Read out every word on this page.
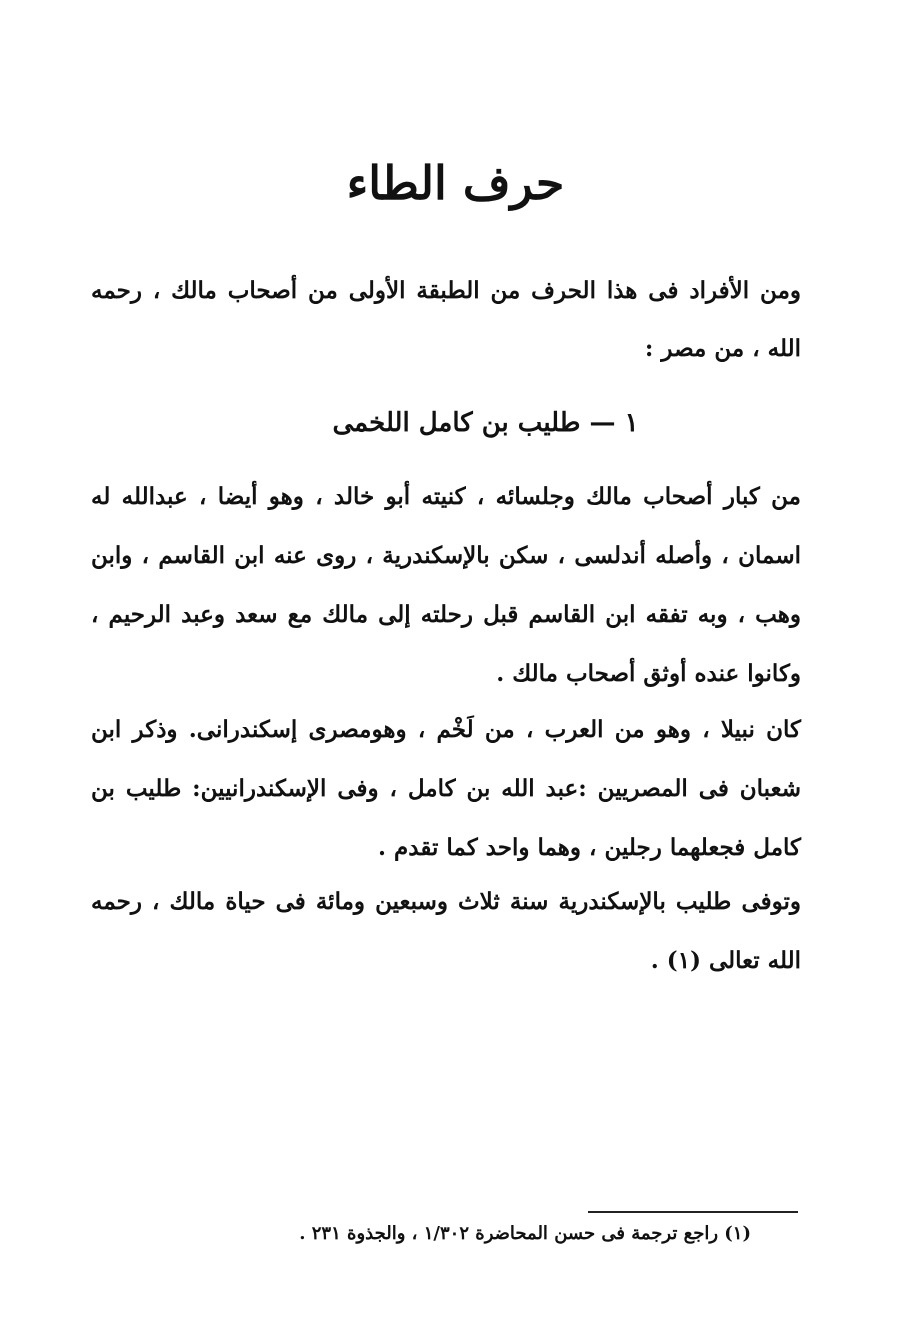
حرف الطاء

ومن الأفراد فى هذا الحرف من الطبقة الأولى من أصحاب مالك ، رحمه الله ، من مصر :

١ — طليب بن كامل اللخمى

من كبار أصحاب مالك وجلسائه ، كنيته أبو خالد ، وهو أيضا ، عبدالله له اسمان ، وأصله أندلسى ، سكن بالإسكندرية ، روى عنه ابن القاسم ، وابن وهب ، وبه تفقه ابن القاسم قبل رحلته إلى مالك مع سعد وعبد الرحيم ، وكانوا عنده أوثق أصحاب مالك .

كان نبيلا ، وهو من العرب ، من لَخْم ، وهومصرى إسكندرانى. وذكر ابن شعبان فى المصريين :عبد الله بن كامل ، وفى الإسكندرانيين: طليب بن كامل فجعلهما رجلين ، وهما واحد كما تقدم .

وتوفى طليب بالإسكندرية سنة ثلاث وسبعين ومائة فى حياة مالك ، رحمه الله تعالى (١) .

(١) راجع ترجمة فى حسن المحاضرة ١/٣٠٢ ، والجذوة ٢٣١ .
